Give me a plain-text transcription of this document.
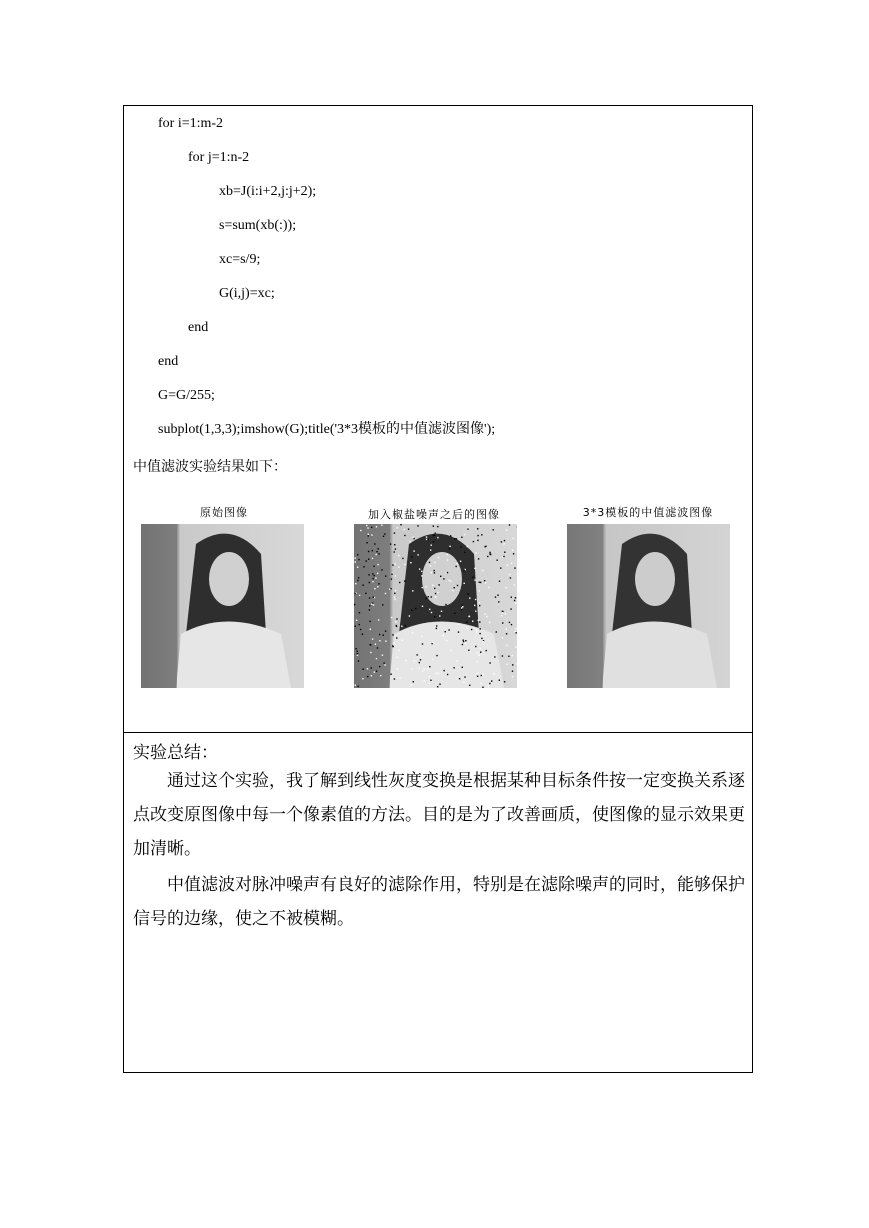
for i=1:m-2
for j=1:n-2
xb=J(i:i+2,j:j+2);
s=sum(xb(:));
xc=s/9;
G(i,j)=xc;
end
end
G=G/255;
subplot(1,3,3);imshow(G);title('3*3模板的中值滤波图像');
中值滤波实验结果如下：
原始图像	加入椒盐噪声之后的图像	3*3模板的中值滤波图像
实验总结：
通过这个实验，我了解到线性灰度变换是根据某种目标条件按一定变换关系逐点改变原图像中每一个像素值的方法。目的是为了改善画质，使图像的显示效果更加清晰。
中值滤波对脉冲噪声有良好的滤除作用，特别是在滤除噪声的同时，能够保护信号的边缘，使之不被模糊。
